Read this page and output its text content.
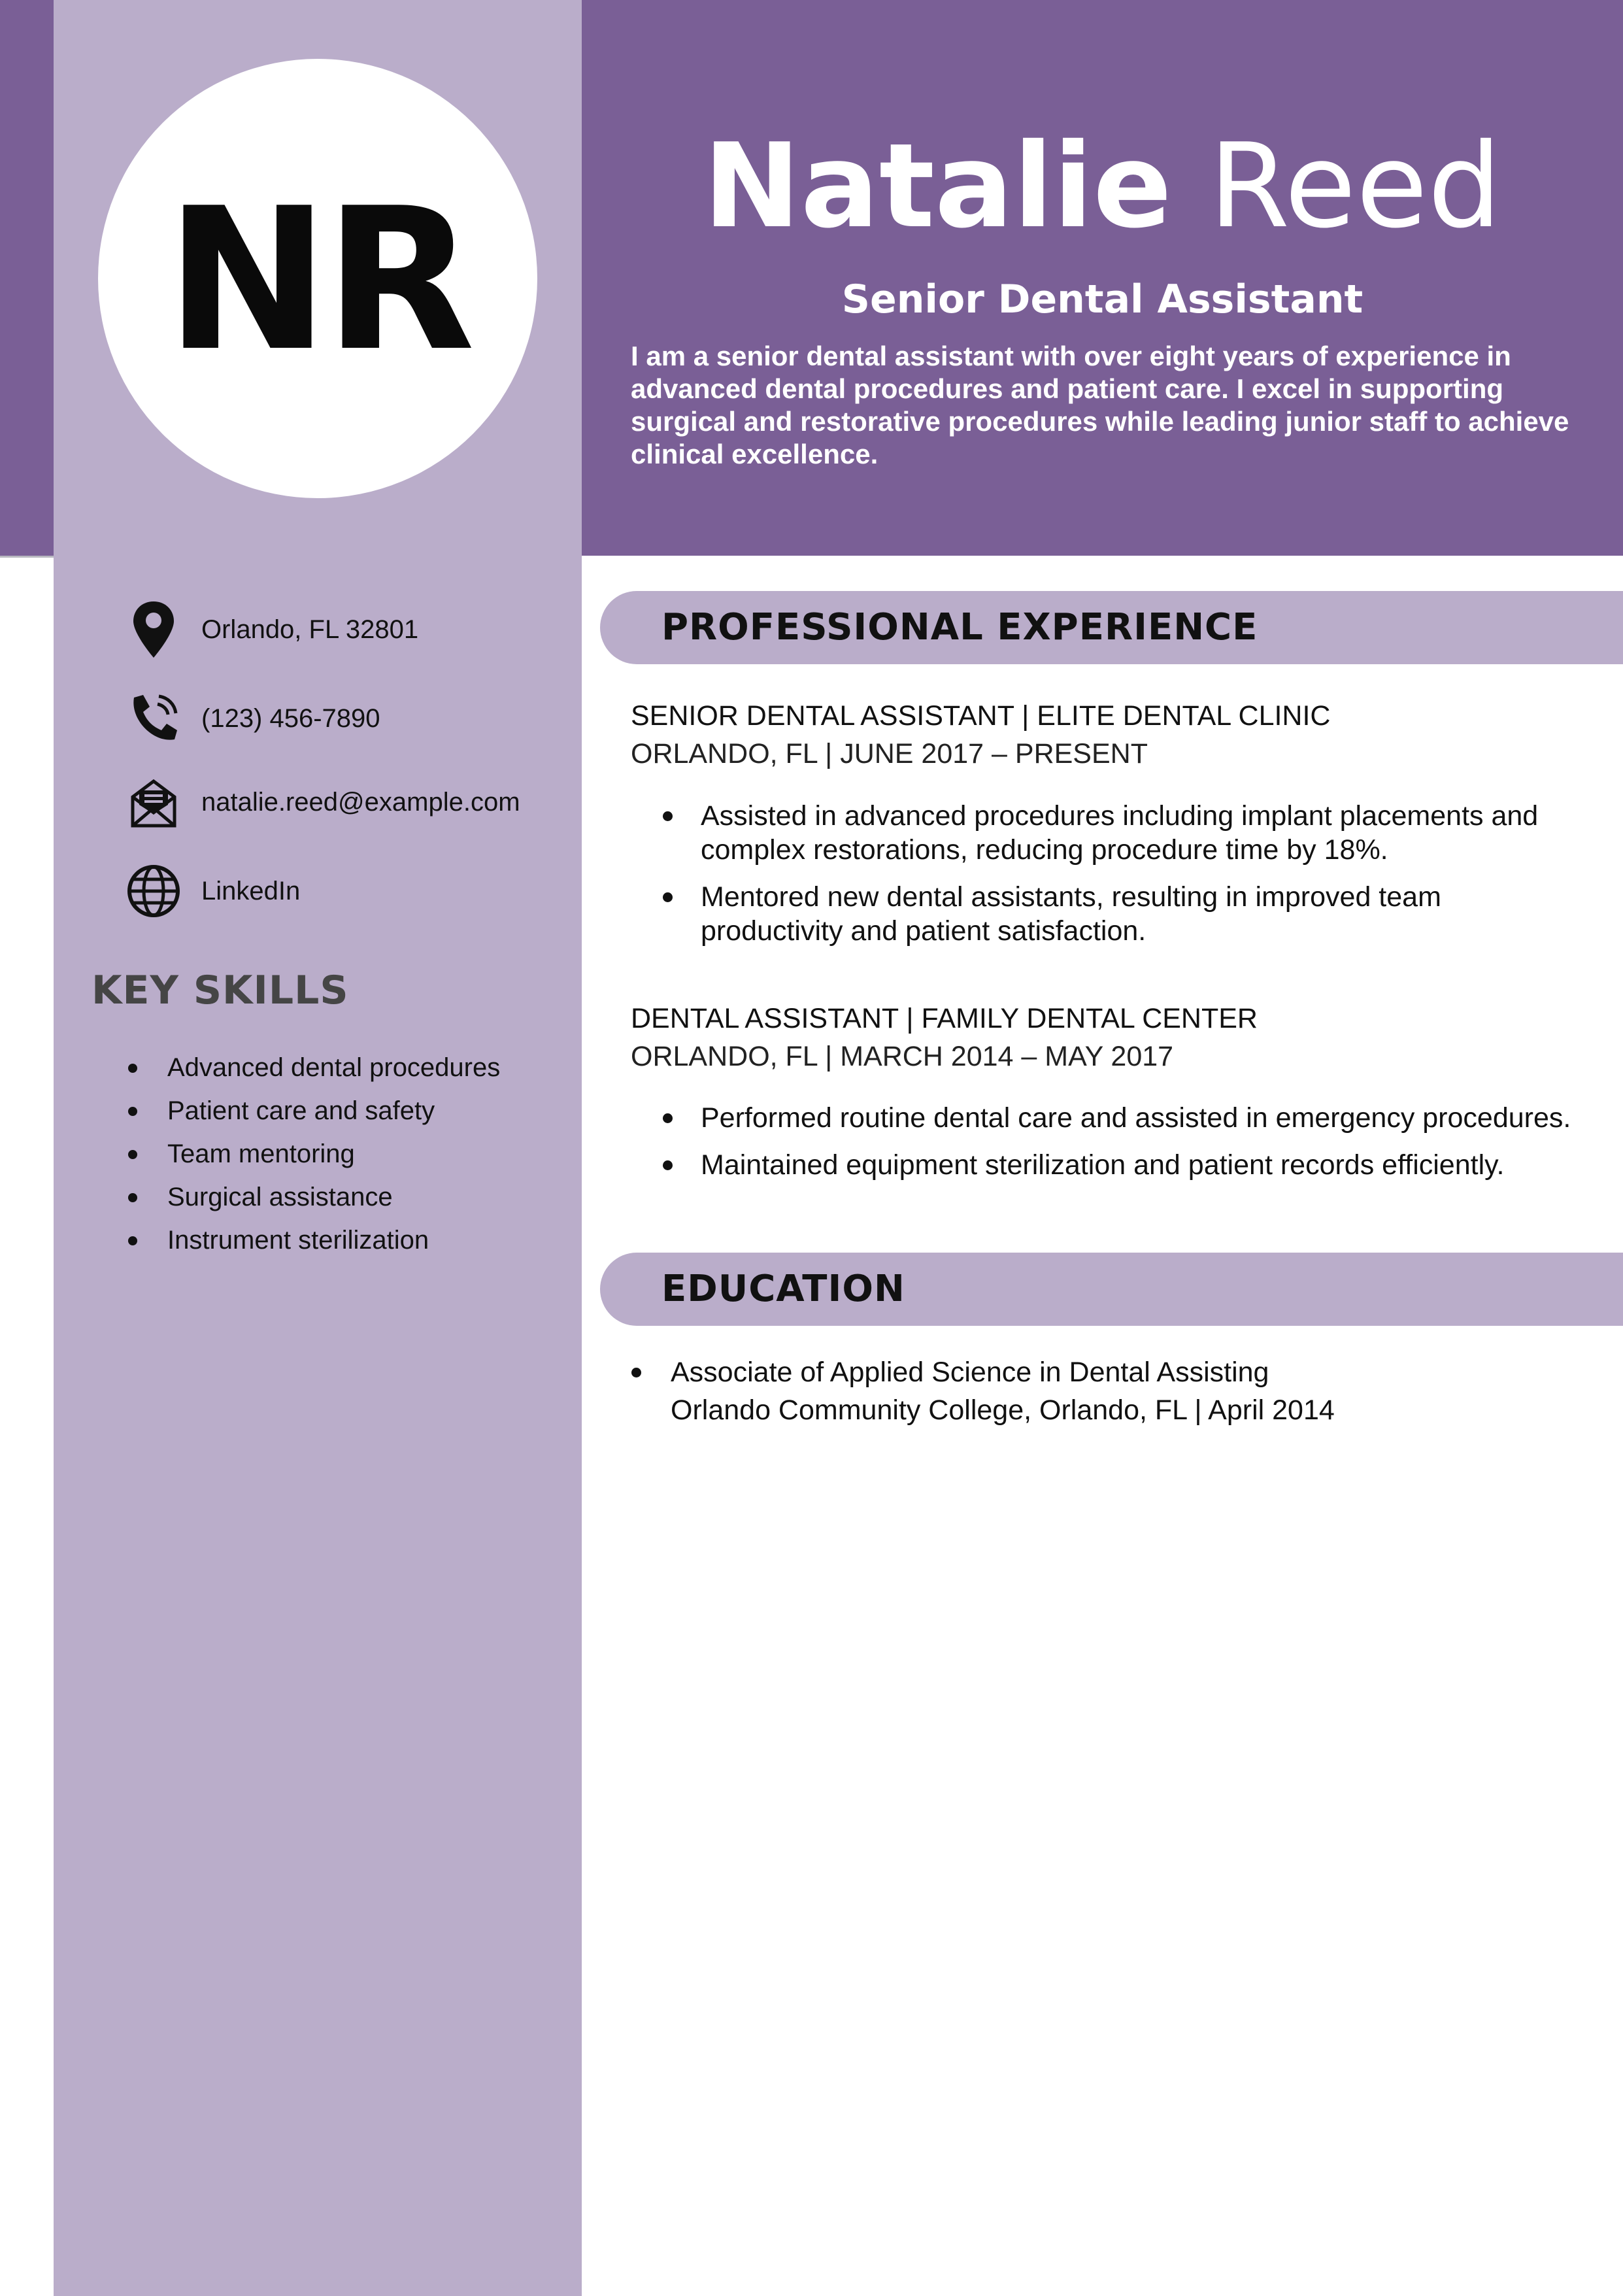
NR	Natalie Reed
Senior Dental Assistant
I am a senior dental assistant with over eight years of experience in advanced dental procedures and patient care. I excel in supporting surgical and restorative procedures while leading junior staff to achieve clinical excellence.
Orlando, FL 32801
(123) 456-7890
natalie.reed@example.com
LinkedIn
KEY SKILLS
Advanced dental procedures
Patient care and safety
Team mentoring
Surgical assistance
Instrument sterilization
PROFESSIONAL EXPERIENCE
SENIOR DENTAL ASSISTANT | ELITE DENTAL CLINIC
ORLANDO, FL | JUNE 2017 – PRESENT
Assisted in advanced procedures including implant placements and complex restorations, reducing procedure time by 18%.
Mentored new dental assistants, resulting in improved team productivity and patient satisfaction.
DENTAL ASSISTANT | FAMILY DENTAL CENTER
ORLANDO, FL | MARCH 2014 – MAY 2017
Performed routine dental care and assisted in emergency procedures.
Maintained equipment sterilization and patient records efficiently.
EDUCATION
Associate of Applied Science in Dental Assisting
Orlando Community College, Orlando, FL | April 2014
